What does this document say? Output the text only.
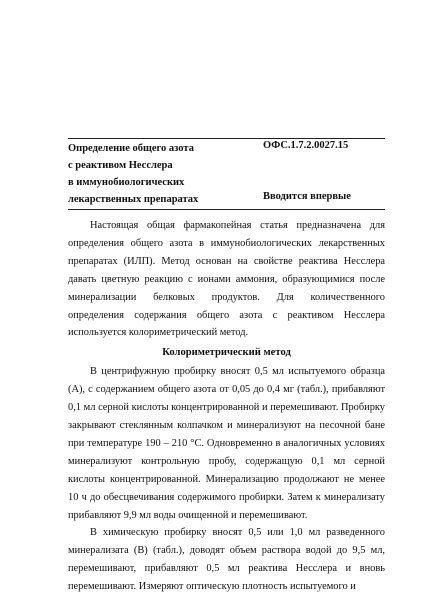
Определение общего азота
с реактивом Несслера
в иммунобиологических
лекарственных препаратах
ОФС.1.7.2.0027.15
Вводится впервые

Настоящая общая фармакопейная статья предназначена для определения общего азота в иммунобиологических лекарственных препаратах (ИЛП). Метод основан на свойстве реактива Несслера давать цветную реакцию с ионами аммония, образующимися после минерализации белковых продуктов. Для количественного определения содержания общего азота с реактивом Несслера используется колориметрический метод.

Колориметрический метод

В центрифужную пробирку вносят 0,5 мл испытуемого образца (А), с содержанием общего азота от 0,05 до 0,4 мг (табл.), прибавляют 0,1 мл серной кислоты концентрированной и перемешивают. Пробирку закрывают стеклянным колпачком и минерализуют на песочной бане при температуре 190 – 210 °С. Одновременно в аналогичных условиях минерализуют контрольную пробу, содержащую 0,1 мл серной кислоты концентрированной. Минерализацию продолжают не менее 10 ч до обесцвечивания содержимого пробирки. Затем к минерализату прибавляют 9,9 мл воды очищенной и перемешивают.

В химическую пробирку вносят 0,5 или 1,0 мл разведенного минерализата (В) (табл.), доводят объем раствора водой до 9,5 мл, перемешивают, прибавляют 0,5 мл реактива Несслера и вновь перемешивают. Измеряют оптическую плотность испытуемого и
